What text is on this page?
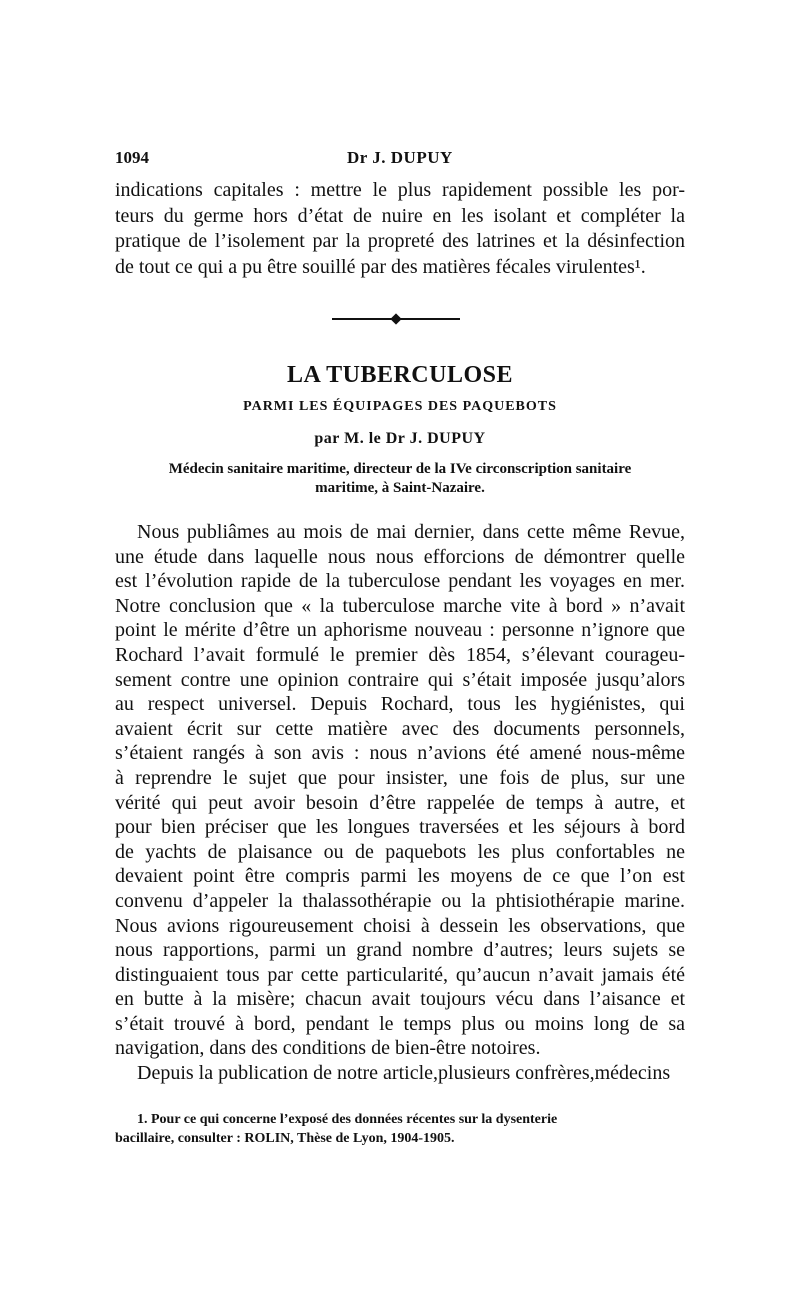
1094	Dr J. DUPUY
indications capitales : mettre le plus rapidement possible les por-
teurs du germe hors d’état de nuire en les isolant et compléter la
pratique de l’isolement par la propreté des latrines et la désinfection
de tout ce qui a pu être souillé par des matières fécales virulentes¹.
LA TUBERCULOSE
PARMI LES ÉQUIPAGES DES PAQUEBOTS
par M. le Dr J. DUPUY
Médecin sanitaire maritime, directeur de la IVe circonscription sanitaire
maritime, à Saint-Nazaire.
Nous publiâmes au mois de mai dernier, dans cette même Revue,
une étude dans laquelle nous nous efforcions de démontrer quelle
est l’évolution rapide de la tuberculose pendant les voyages en mer.
Notre conclusion que « la tuberculose marche vite à bord » n’avait
point le mérite d’être un aphorisme nouveau : personne n’ignore que
Rochard l’avait formulé le premier dès 1854, s’élevant courageu-
sement contre une opinion contraire qui s’était imposée jusqu’alors
au respect universel. Depuis Rochard, tous les hygiénistes, qui
avaient écrit sur cette matière avec des documents personnels,
s’étaient rangés à son avis : nous n’avions été amené nous-même
à reprendre le sujet que pour insister, une fois de plus, sur une
vérité qui peut avoir besoin d’être rappelée de temps à autre, et
pour bien préciser que les longues traversées et les séjours à bord
de yachts de plaisance ou de paquebots les plus confortables ne
devaient point être compris parmi les moyens de ce que l’on est
convenu d’appeler la thalassothérapie ou la phtisiothérapie marine.
Nous avions rigoureusement choisi à dessein les observations, que
nous rapportions, parmi un grand nombre d’autres; leurs sujets se
distinguaient tous par cette particularité, qu’aucun n’avait jamais été
en butte à la misère; chacun avait toujours vécu dans l’aisance et
s’était trouvé à bord, pendant le temps plus ou moins long de sa
navigation, dans des conditions de bien-être notoires.
Depuis la publication de notre article,plusieurs confrères,médecins
1. Pour ce qui concerne l’exposé des données récentes sur la dysenterie
bacillaire, consulter : ROLIN, Thèse de Lyon, 1904-1905.
